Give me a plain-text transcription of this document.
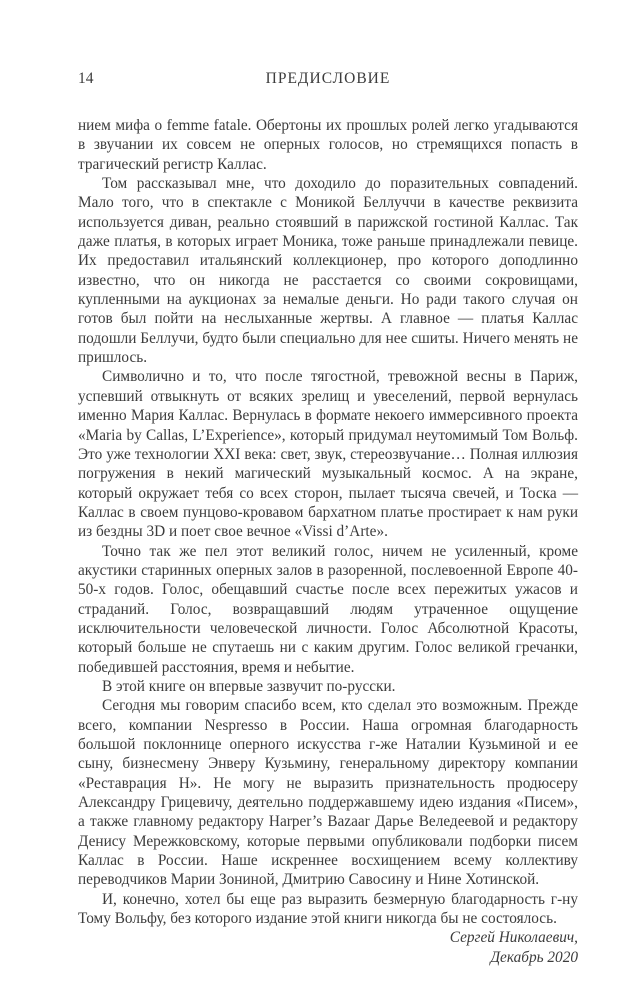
14	ПРЕДИСЛОВИЕ

нием мифа о femme fatale. Обертоны их прошлых ролей легко угадываются в звучании их совсем не оперных голосов, но стремящихся попасть в трагический регистр Каллас.

Том рассказывал мне, что доходило до поразительных совпадений. Мало того, что в спектакле с Моникой Беллуччи в качестве реквизита используется диван, реально стоявший в парижской гостиной Каллас. Так даже платья, в которых играет Моника, тоже раньше принадлежали певице. Их предоставил итальянский коллекционер, про которого доподлинно известно, что он никогда не расстается со своими сокровищами, купленными на аукционах за немалые деньги. Но ради такого случая он готов был пойти на неслыханные жертвы. А главное — платья Каллас подошли Беллучи, будто были специально для нее сшиты. Ничего менять не пришлось.

Символично и то, что после тягостной, тревожной весны в Париж, успевший отвыкнуть от всяких зрелищ и увеселений, первой вернулась именно Мария Каллас. Вернулась в формате некоего иммерсивного проекта «Maria by Callas, L’Experience», который придумал неутомимый Том Вольф. Это уже технологии XXI века: свет, звук, стереозвучание… Полная иллюзия погружения в некий магический музыкальный космос. А на экране, который окружает тебя со всех сторон, пылает тысяча свечей, и Тоска — Каллас в своем пунцово-кровавом бархатном платье простирает к нам руки из бездны 3D и поет свое вечное «Vissi d’Arte».

Точно так же пел этот великий голос, ничем не усиленный, кроме акустики старинных оперных залов в разоренной, послевоенной Европе 40-50-х годов. Голос, обещавший счастье после всех пережитых ужасов и страданий. Голос, возвращавший людям утраченное ощущение исключительности человеческой личности. Голос Абсолютной Красоты, который больше не спутаешь ни с каким другим. Голос великой гречанки, победившей расстояния, время и небытие.

В этой книге он впервые зазвучит по-русски.

Сегодня мы говорим спасибо всем, кто сделал это возможным. Прежде всего, компании Nespresso в России. Наша огромная благодарность большой поклоннице оперного искусства г-же Наталии Кузьминой и ее сыну, бизнесмену Энверу Кузьмину, генеральному директору компании «Реставрация Н». Не могу не выразить признательность продюсеру Александру Грицевичу, деятельно поддержавшему идею издания «Писем», а также главному редактору Harper’s Bazaar Дарье Веледеевой и редактору Денису Мережковскому, которые первыми опубликовали подборки писем Каллас в России. Наше искреннее восхищением всему коллективу переводчиков Марии Зониной, Дмитрию Савосину и Нине Хотинской.

И, конечно, хотел бы еще раз выразить безмерную благодарность г-ну Тому Вольфу, без которого издание этой книги никогда бы не состоялось.

Сергей Николаевич,
Декабрь 2020
